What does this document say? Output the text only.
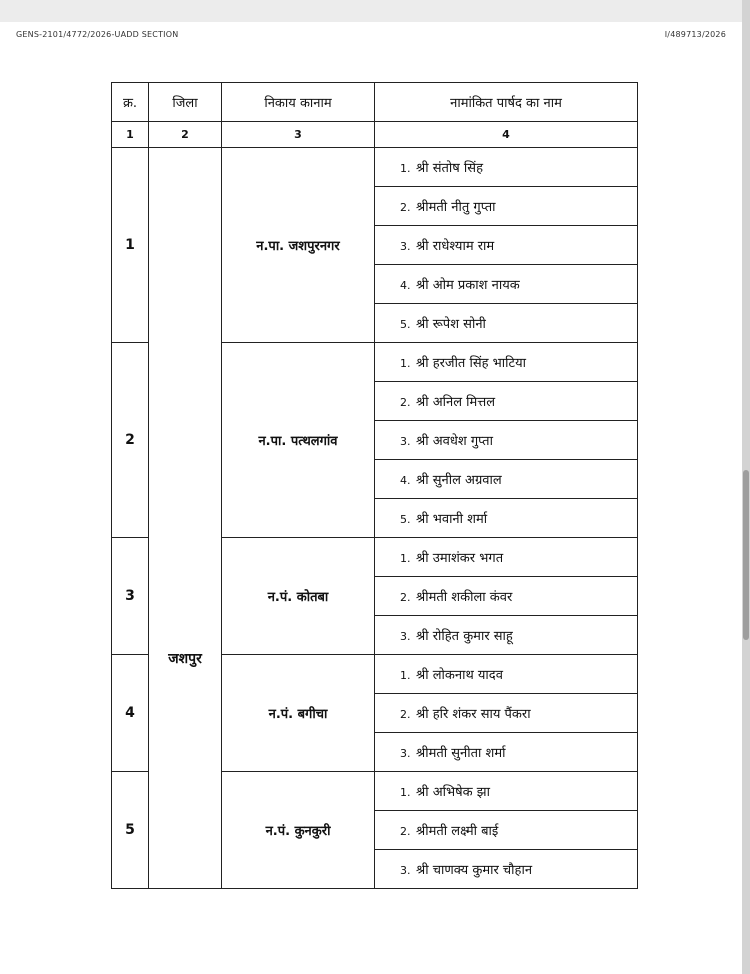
GENS-2101/4772/2026-UADD SECTION	I/489713/2026
क्र.	जिला	निकाय कानाम	नामांकित पार्षद का नाम
1	2	3	4
1	जशपुर	न.पा. जशपुरनगर	1. श्री संतोष सिंह
			2. श्रीमती नीतु गुप्ता
			3. श्री राधेश्याम राम
			4. श्री ओम प्रकाश नायक
			5. श्री रूपेश सोनी
2		न.पा. पत्थलगांव	1. श्री हरजीत सिंह भाटिया
			2. श्री अनिल मित्तल
			3. श्री अवधेश गुप्ता
			4. श्री सुनील अग्रवाल
			5. श्री भवानी शर्मा
3		न.पं. कोतबा	1. श्री उमाशंकर भगत
			2. श्रीमती शकीला कंवर
			3. श्री रोहित कुमार साहू
4		न.पं. बगीचा	1. श्री लोकनाथ यादव
			2. श्री हरि शंकर साय पैंकरा
			3. श्रीमती सुनीता शर्मा
5		न.पं. कुनकुरी	1. श्री अभिषेक झा
			2. श्रीमती लक्ष्मी बाई
			3. श्री चाणक्य कुमार चौहान
